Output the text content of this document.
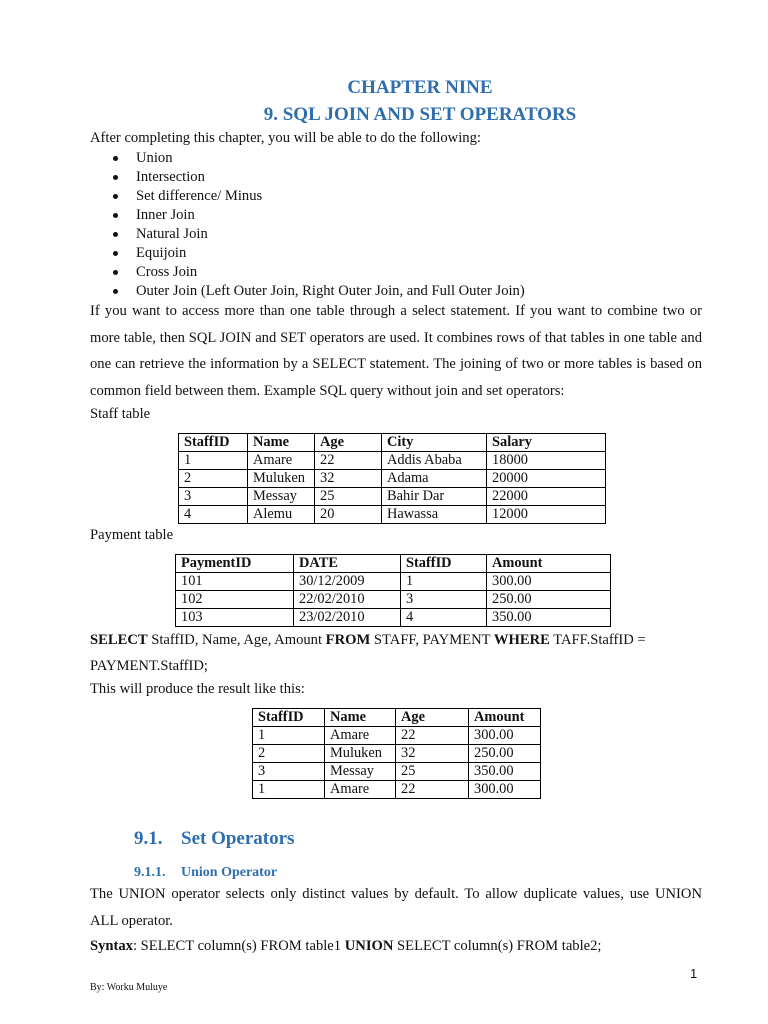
CHAPTER NINE
9. SQL JOIN AND SET OPERATORS

After completing this chapter, you will be able to do the following:

Union
Intersection
Set difference/ Minus
Inner Join
Natural Join
Equijoin
Cross Join
Outer Join (Left Outer Join, Right Outer Join, and Full Outer Join)

If you want to access more than one table through a select statement. If you want to combine two or more table, then SQL JOIN and SET operators are used. It combines rows of that tables in one table and one can retrieve the information by a SELECT statement. The joining of two or more tables is based on common field between them. Example SQL query without join and set operators:

Staff table

StaffID	Name	Age	City	Salary
1	Amare	22	Addis Ababa	18000
2	Muluken	32	Adama	20000
3	Messay	25	Bahir Dar	22000
4	Alemu	20	Hawassa	12000

Payment table

PaymentID	DATE	StaffID	Amount
101	30/12/2009	1	300.00
102	22/02/2010	3	250.00
103	23/02/2010	4	350.00

SELECT StaffID, Name, Age, Amount FROM STAFF, PAYMENT WHERE TAFF.StaffID = PAYMENT.StaffID;

This will produce the result like this:

StaffID	Name	Age	Amount
1	Amare	22	300.00
2	Muluken	32	250.00
3	Messay	25	350.00
1	Amare	22	300.00
9.1. Set Operators
9.1.1. Union Operator

The UNION operator selects only distinct values by default. To allow duplicate values, use UNION ALL operator.

Syntax: SELECT column(s) FROM table1 UNION SELECT column(s) FROM table2;

1
By: Worku Muluye
